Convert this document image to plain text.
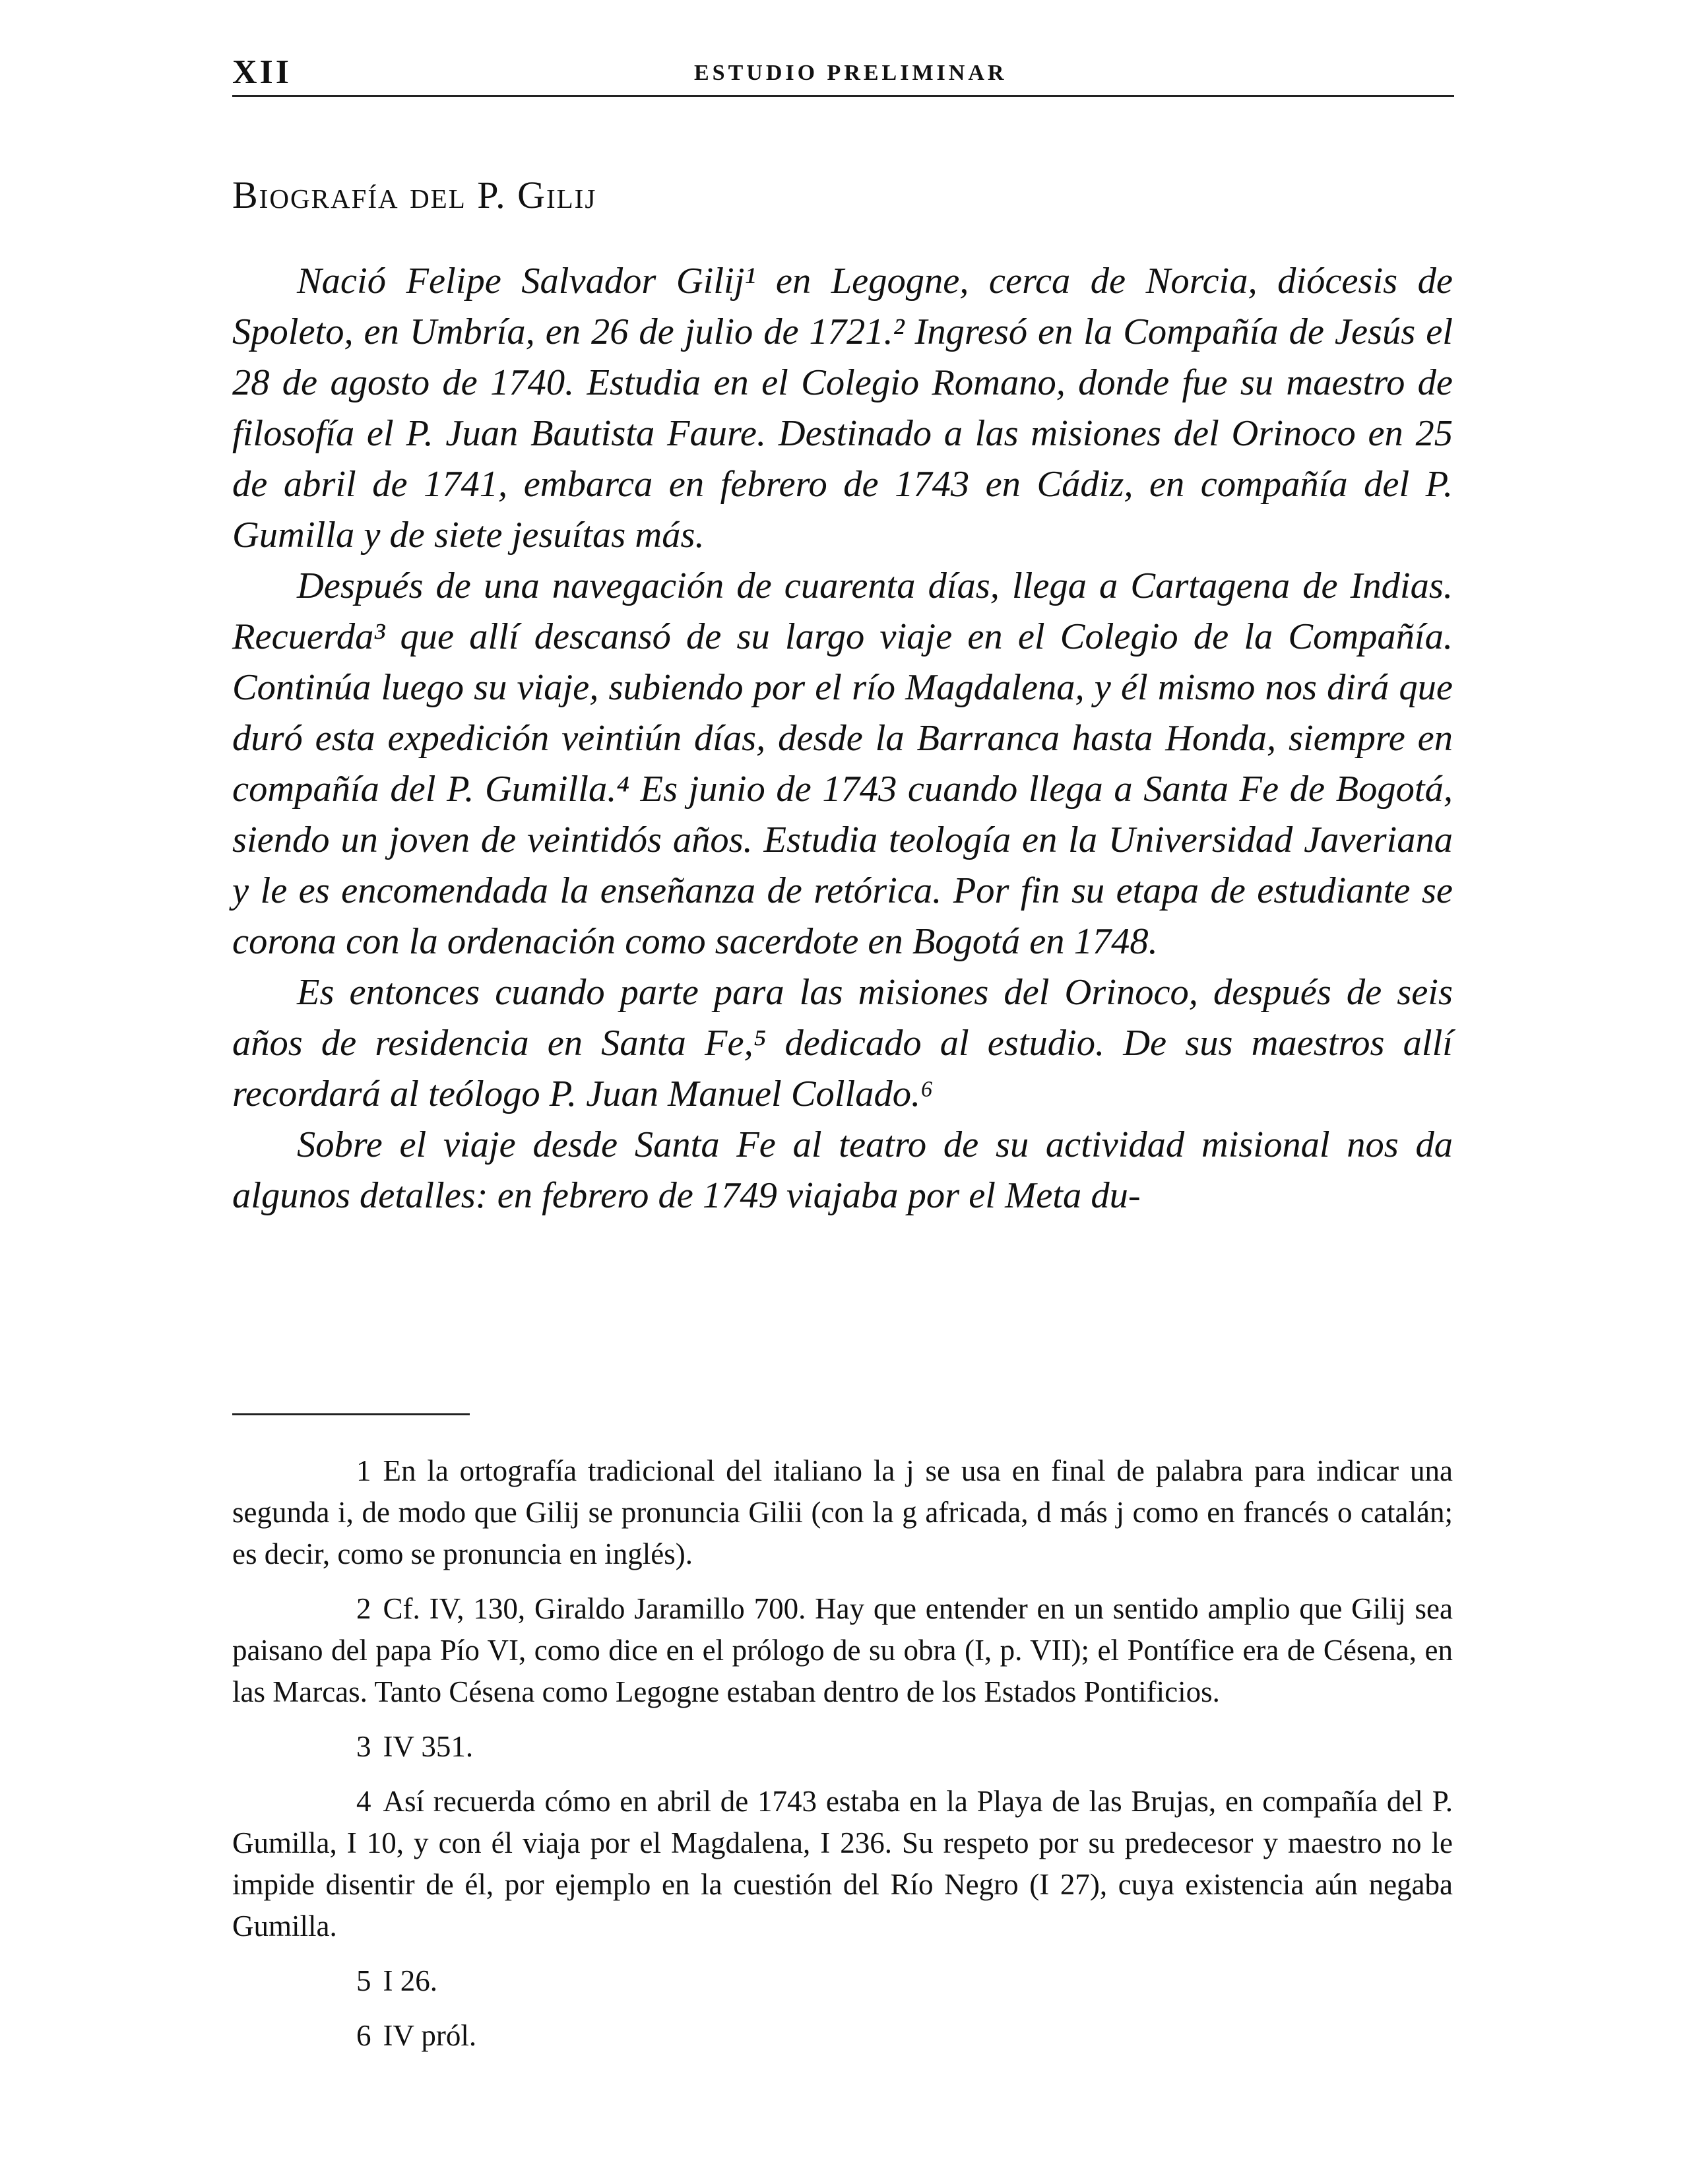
XII	ESTUDIO PRELIMINAR
Biografía del P. Gilij

Nació Felipe Salvador Gilij¹ en Legogne, cerca de Norcia, diócesis de Spoleto, en Umbría, en 26 de julio de 1721.² Ingresó en la Compañía de Jesús el 28 de agosto de 1740. Estudia en el Colegio Romano, donde fue su maestro de filosofía el P. Juan Bautista Faure. Destinado a las misiones del Orinoco en 25 de abril de 1741, embarca en febrero de 1743 en Cádiz, en compañía del P. Gumilla y de siete jesuítas más.

Después de una navegación de cuarenta días, llega a Cartagena de Indias. Recuerda³ que allí descansó de su largo viaje en el Colegio de la Compañía. Continúa luego su viaje, subiendo por el río Magdalena, y él mismo nos dirá que duró esta expedición veintiún días, desde la Barranca hasta Honda, siempre en compañía del P. Gumilla.⁴ Es junio de 1743 cuando llega a Santa Fe de Bogotá, siendo un joven de veintidós años. Estudia teología en la Universidad Javeriana y le es encomendada la enseñanza de retórica. Por fin su etapa de estudiante se corona con la ordenación como sacerdote en Bogotá en 1748.

Es entonces cuando parte para las misiones del Orinoco, después de seis años de residencia en Santa Fe,⁵ dedicado al estudio. De sus maestros allí recordará al teólogo P. Juan Manuel Collado.⁶

Sobre el viaje desde Santa Fe al teatro de su actividad misional nos da algunos detalles: en febrero de 1749 viajaba por el Meta du-

1 En la ortografía tradicional del italiano la j se usa en final de palabra para indicar una segunda i, de modo que Gilij se pronuncia Gilii (con la g africada, d más j como en francés o catalán; es decir, como se pronuncia en inglés).

2 Cf. IV, 130, Giraldo Jaramillo 700. Hay que entender en un sentido amplio que Gilij sea paisano del papa Pío VI, como dice en el prólogo de su obra (I, p. VII); el Pontífice era de Césena, en las Marcas. Tanto Césena como Legogne estaban dentro de los Estados Pontificios.

3 IV 351.

4 Así recuerda cómo en abril de 1743 estaba en la Playa de las Brujas, en compañía del P. Gumilla, I 10, y con él viaja por el Magdalena, I 236. Su respeto por su predecesor y maestro no le impide disentir de él, por ejemplo en la cuestión del Río Negro (I 27), cuya existencia aún negaba Gumilla.

5 I 26.

6 IV pról.
